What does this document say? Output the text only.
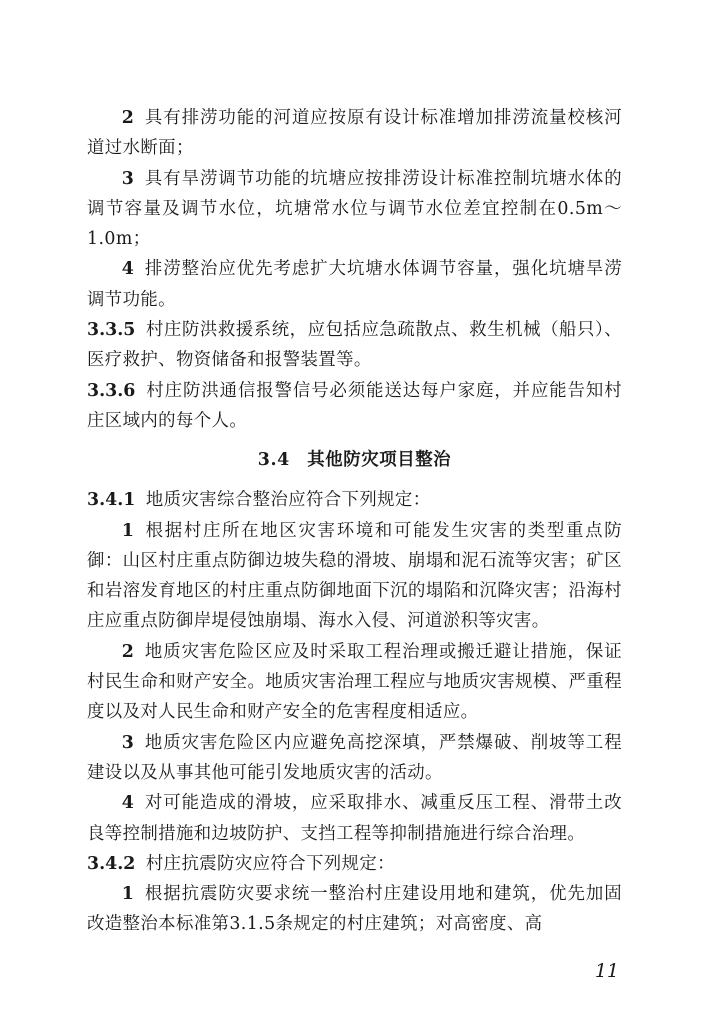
2 具有排涝功能的河道应按原有设计标准增加排涝流量校核河道过水断面；

3 具有旱涝调节功能的坑塘应按排涝设计标准控制坑塘水体的调节容量及调节水位，坑塘常水位与调节水位差宜控制在0.5m～1.0m；

4 排涝整治应优先考虑扩大坑塘水体调节容量，强化坑塘旱涝调节功能。

3.3.5 村庄防洪救援系统，应包括应急疏散点、救生机械（船只）、医疗救护、物资储备和报警装置等。

3.3.6 村庄防洪通信报警信号必须能送达每户家庭，并应能告知村庄区域内的每个人。

3.4 其他防灾项目整治

3.4.1 地质灾害综合整治应符合下列规定：

1 根据村庄所在地区灾害环境和可能发生灾害的类型重点防御：山区村庄重点防御边坡失稳的滑坡、崩塌和泥石流等灾害；矿区和岩溶发育地区的村庄重点防御地面下沉的塌陷和沉降灾害；沿海村庄应重点防御岸堤侵蚀崩塌、海水入侵、河道淤积等灾害。

2 地质灾害危险区应及时采取工程治理或搬迁避让措施，保证村民生命和财产安全。地质灾害治理工程应与地质灾害规模、严重程度以及对人民生命和财产安全的危害程度相适应。

3 地质灾害危险区内应避免高挖深填，严禁爆破、削坡等工程建设以及从事其他可能引发地质灾害的活动。

4 对可能造成的滑坡，应采取排水、减重反压工程、滑带土改良等控制措施和边坡防护、支挡工程等抑制措施进行综合治理。

3.4.2 村庄抗震防灾应符合下列规定：

1 根据抗震防灾要求统一整治村庄建设用地和建筑，优先加固改造整治本标准第3.1.5条规定的村庄建筑；对高密度、高

11
